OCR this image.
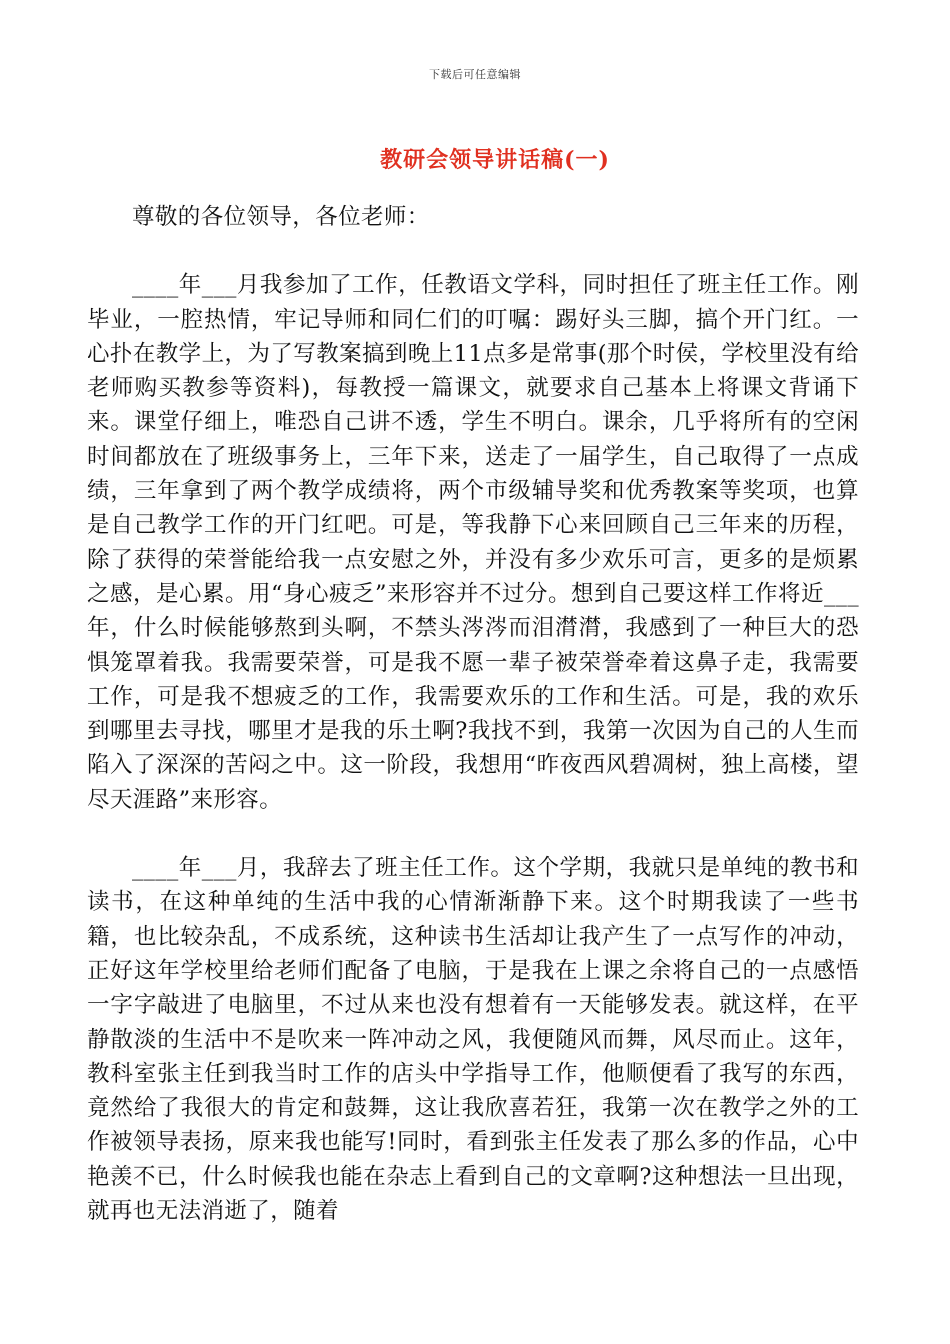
下载后可任意编辑
教研会领导讲话稿(一)

尊敬的各位领导，各位老师：

____年___月我参加了工作，任教语文学科，同时担任了班主任工作。刚毕业，一腔热情，牢记导师和同仁们的叮嘱：踢好头三脚，搞个开门红。一心扑在教学上，为了写教案搞到晚上11点多是常事(那个时侯，学校里没有给老师购买教参等资料)，每教授一篇课文，就要求自己基本上将课文背诵下来。课堂仔细上，唯恐自己讲不透，学生不明白。课余，几乎将所有的空闲时间都放在了班级事务上，三年下来，送走了一届学生，自己取得了一点成绩，三年拿到了两个教学成绩将，两个市级辅导奖和优秀教案等奖项，也算是自己教学工作的开门红吧。可是，等我静下心来回顾自己三年来的历程，除了获得的荣誉能给我一点安慰之外，并没有多少欢乐可言，更多的是烦累之感，是心累。用“身心疲乏”来形容并不过分。想到自己要这样工作将近___年，什么时候能够熬到头啊，不禁头涔涔而泪潸潸，我感到了一种巨大的恐惧笼罩着我。我需要荣誉，可是我不愿一辈子被荣誉牵着这鼻子走，我需要工作，可是我不想疲乏的工作，我需要欢乐的工作和生活。可是，我的欢乐到哪里去寻找，哪里才是我的乐土啊?我找不到，我第一次因为自己的人生而陷入了深深的苦闷之中。这一阶段，我想用“昨夜西风碧凋树，独上高楼，望尽天涯路”来形容。

____年___月，我辞去了班主任工作。这个学期，我就只是单纯的教书和读书，在这种单纯的生活中我的心情渐渐静下来。这个时期我读了一些书籍，也比较杂乱，不成系统，这种读书生活却让我产生了一点写作的冲动，正好这年学校里给老师们配备了电脑，于是我在上课之余将自己的一点感悟一字字敲进了电脑里，不过从来也没有想着有一天能够发表。就这样，在平静散淡的生活中不是吹来一阵冲动之风，我便随风而舞，风尽而止。这年，教科室张主任到我当时工作的店头中学指导工作，他顺便看了我写的东西，竟然给了我很大的肯定和鼓舞，这让我欣喜若狂，我第一次在教学之外的工作被领导表扬，原来我也能写!同时，看到张主任发表了那么多的作品，心中艳羡不已，什么时候我也能在杂志上看到自己的文章啊?这种想法一旦出现，就再也无法消逝了，随着
